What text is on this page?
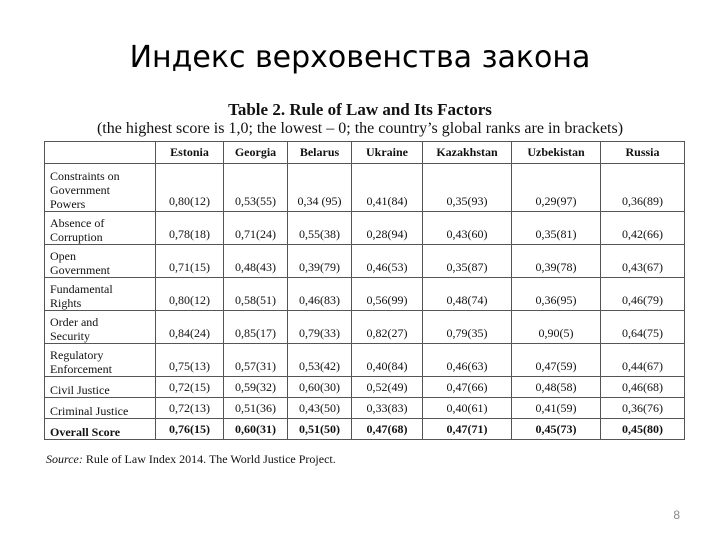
Индекс верховенства закона
Table 2. Rule of Law and Its Factors
(the highest score is 1,0; the lowest – 0; the country’s global ranks are in brackets)
	Estonia	Georgia	Belarus	Ukraine	Kazakhstan	Uzbekistan	Russia

Constraints on
Government
Powers	0,80(12)	0,53(55)	0,34 (95)	0,41(84)	0,35(93)	0,29(97)	0,36(89)

Absence of
Corruption	0,78(18)	0,71(24)	0,55(38)	0,28(94)	0,43(60)	0,35(81)	0,42(66)

Open
Government	0,71(15)	0,48(43)	0,39(79)	0,46(53)	0,35(87)	0,39(78)	0,43(67)

Fundamental
Rights	0,80(12)	0,58(51)	0,46(83)	0,56(99)	0,48(74)	0,36(95)	0,46(79)

Order and
Security	0,84(24)	0,85(17)	0,79(33)	0,82(27)	0,79(35)	0,90(5)	0,64(75)

Regulatory
Enforcement	0,75(13)	0,57(31)	0,53(42)	0,40(84)	0,46(63)	0,47(59)	0,44(67)

Civil Justice	0,72(15)	0,59(32)	0,60(30)	0,52(49)	0,47(66)	0,48(58)	0,46(68)

Criminal Justice	0,72(13)	0,51(36)	0,43(50)	0,33(83)	0,40(61)	0,41(59)	0,36(76)

Overall Score	0,76(15)	0,60(31)	0,51(50)	0,47(68)	0,47(71)	0,45(73)	0,45(80)
Source: Rule of Law Index 2014. The World Justice Project.
8
